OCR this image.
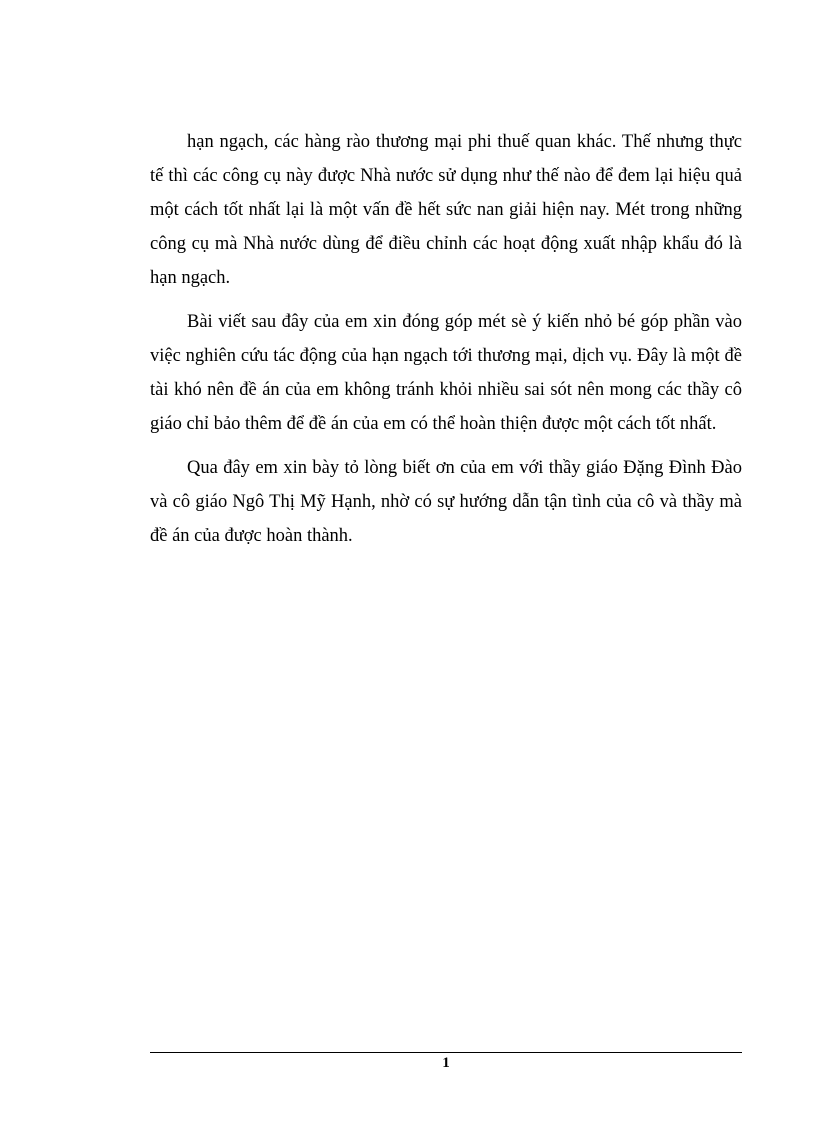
hạn ngạch, các hàng rào thương mại phi thuế quan khác. Thế nhưng thực tế thì các công cụ này được Nhà nước sử dụng như thế nào để đem lại hiệu quả một cách tốt nhất lại là một vấn đề hết sức nan giải hiện nay. Mét trong những công cụ mà Nhà nước dùng để điều chỉnh các hoạt động xuất nhập khẩu đó là hạn ngạch.

Bài viết sau đây của em xin đóng góp mét sè ý kiến nhỏ bé góp phần vào việc nghiên cứu tác động của hạn ngạch tới thương mại, dịch vụ. Đây là một đề tài khó nên đề án của em không tránh khỏi nhiều sai sót nên mong các thầy cô giáo chỉ bảo thêm để đề án của em có thể hoàn thiện được một cách tốt nhất.

Qua đây em xin bày tỏ lòng biết ơn của em với thầy giáo Đặng Đình Đào và cô giáo Ngô Thị Mỹ Hạnh, nhờ có sự hướng dẫn tận tình của cô và thầy mà đề án của được hoàn thành.

1
